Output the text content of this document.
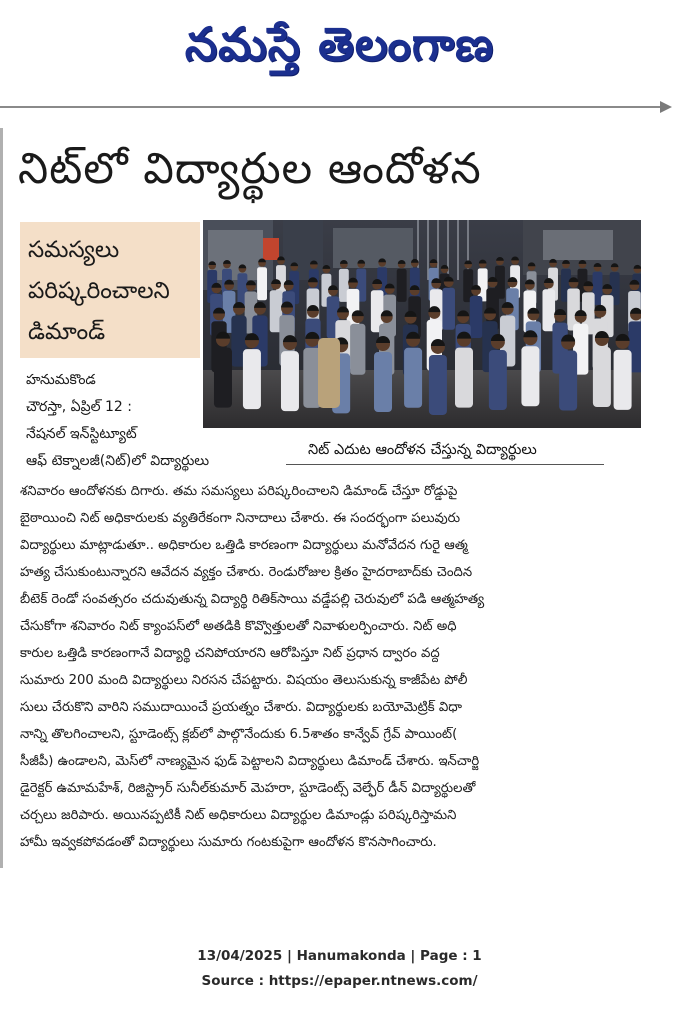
నమస్తే తెలంగాణ
నిట్‌లో విద్యార్థుల ఆందోళన
సమస్యలు
పరిష్కరించాలని
డిమాండ్
నిట్ ఎదుట ఆందోళన చేస్తున్న విద్యార్థులు
హనుమకొండ
చౌరస్తా, ఏప్రిల్ 12 :
నేషనల్ ఇన్‌స్టిట్యూట్
ఆఫ్ టెక్నాలజీ(నిట్)లో విద్యార్థులు
శనివారం ఆందోళనకు దిగారు. తమ సమస్యలు పరిష్కరించాలని డిమాండ్ చేస్తూ రోడ్డుపై
బైఠాయించి నిట్ అధికారులకు వ్యతిరేకంగా నినాదాలు చేశారు. ఈ సందర్భంగా పలువురు
విద్యార్థులు మాట్లాడుతూ.. అధికారుల ఒత్తిడి కారణంగా విద్యార్థులు మనోవేదన గురై ఆత్మ
హత్య చేసుకుంటున్నారని ఆవేదన వ్యక్తం చేశారు. రెండురోజుల క్రితం హైదరాబాద్‌కు చెందిన
బీటెక్ రెండో సంవత్సరం చదువుతున్న విద్యార్థి రితిక్‌సాయి వడ్డేపల్లి చెరువులో పడి ఆత్మహత్య
చేసుకోగా శనివారం నిట్ క్యాంపస్‌లో అతడికి కొవ్వొత్తులతో నివాళులర్పించారు. నిట్ అధి
కారుల ఒత్తిడి కారణంగానే విద్యార్థి చనిపోయారని ఆరోపిస్తూ నిట్ ప్రధాన ద్వారం వద్ద
సుమారు 200 మంది విద్యార్థులు నిరసన చేపట్టారు. విషయం తెలుసుకున్న కాజీపేట పోలీ
సులు చేరుకొని వారిని సముదాయించే ప్రయత్నం చేశారు. విద్యార్థులకు బయోమెట్రిక్ విధా
నాన్ని తొలగించాలని, స్టూడెంట్స్ క్లబ్‌లో పాల్గొనేందుకు 6.5శాతం కాన్వేవ్ గ్రేవ్ పాయింట్(
సీజీపీ) ఉండాలని, మెస్‌లో నాణ్యమైన ఫుడ్ పెట్టాలని విద్యార్థులు డిమాండ్ చేశారు. ఇన్‌చార్జి
డైరెక్టర్ ఉమామహేశ్, రిజిస్ట్రార్ సునీల్‌కుమార్ మెహరా, స్టూడెంట్స్ వెల్ఫేర్ డీన్ విద్యార్థులతో
చర్చలు జరిపారు. అయినప్పటికీ నిట్ అధికారులు విద్యార్థుల డిమాండ్లు పరిష్కరిస్తామని
హామీ ఇవ్వకపోవడంతో విద్యార్థులు సుమారు గంటకుపైగా ఆందోళన కొనసాగించారు.
13/04/2025 | Hanumakonda | Page : 1
Source : https://epaper.ntnews.com/
